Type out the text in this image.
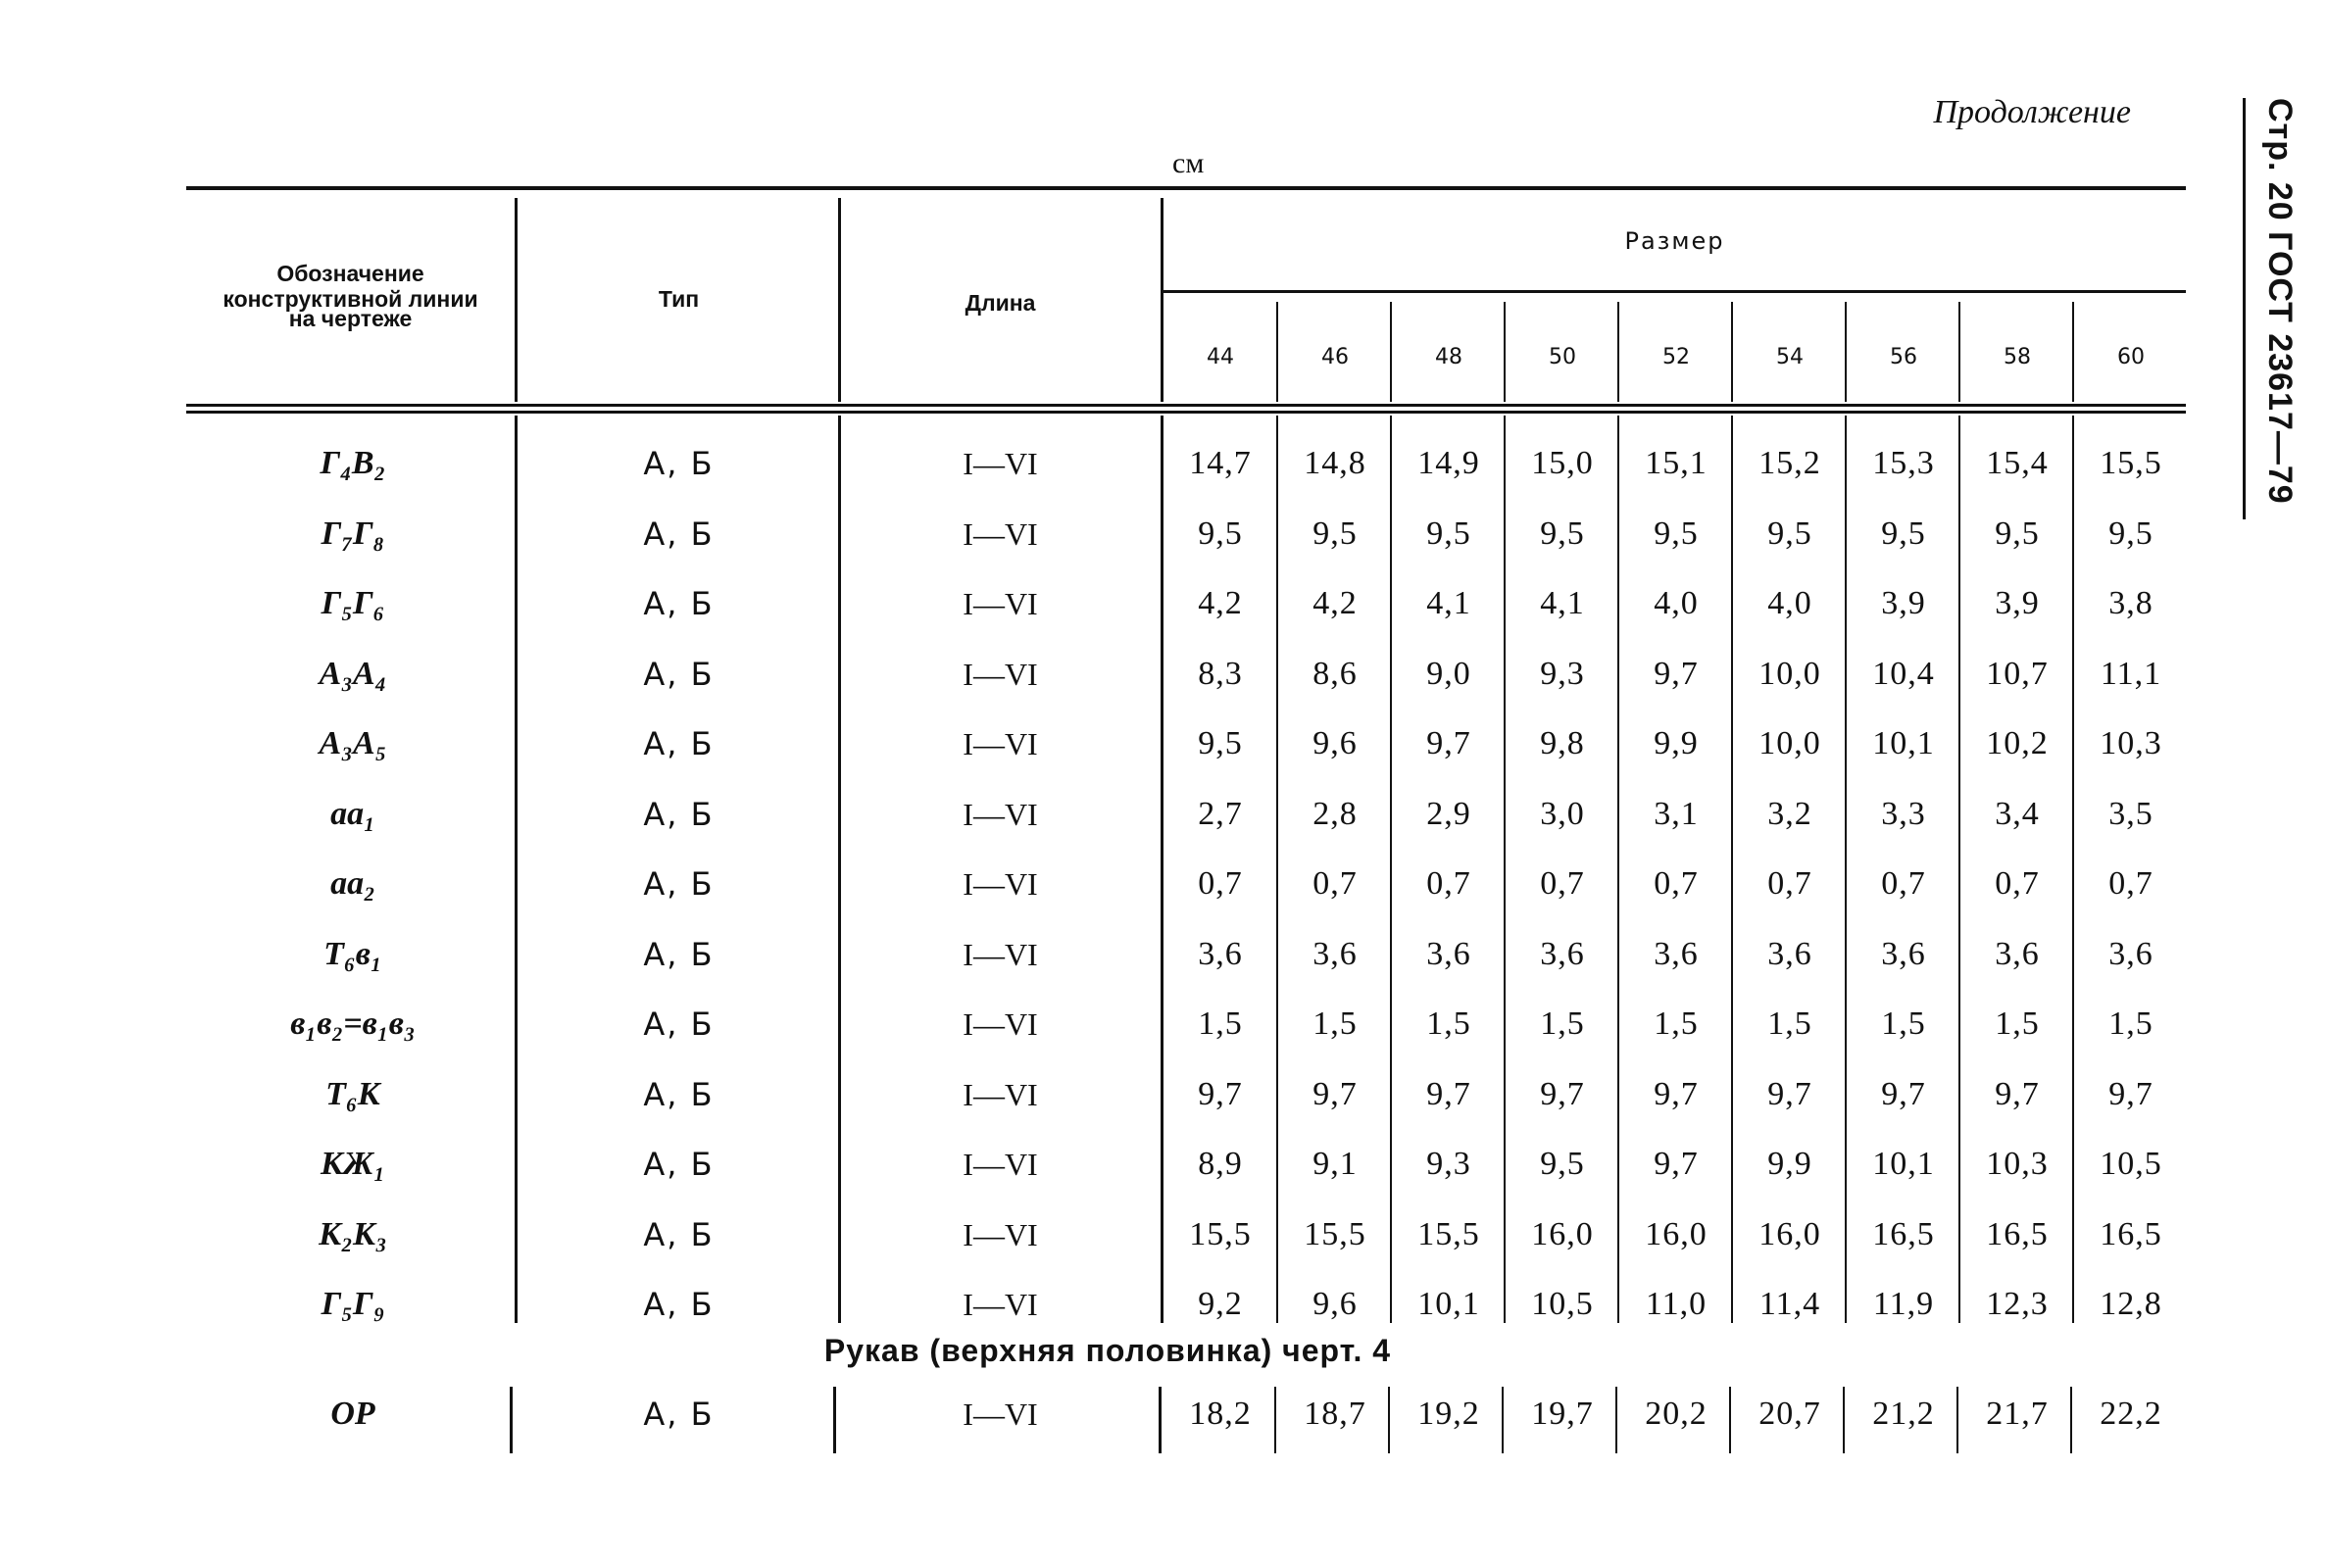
Продолжение
см	Стр. 20 ГОСТ 23617—79
Обозначение
конструктивной линии
на чертеже
Тип	Длина
Размер
44	46	48	50	52	54	56	58	60
Г₄В₂	А, Б	I—VI	14,7	14,8	14,9	15,0	15,1	15,2	15,3	15,4	15,5
Г₇Г₈	А, Б	I—VI	9,5	9,5	9,5	9,5	9,5	9,5	9,5	9,5	9,5
Г₅Г₆	А, Б	I—VI	4,2	4,2	4,1	4,1	4,0	4,0	3,9	3,9	3,8
А₃А₄	А, Б	I—VI	8,3	8,6	9,0	9,3	9,7	10,0	10,4	10,7	11,1
А₃А₅	А, Б	I—VI	9,5	9,6	9,7	9,8	9,9	10,0	10,1	10,2	10,3
аа₁	А, Б	I—VI	2,7	2,8	2,9	3,0	3,1	3,2	3,3	3,4	3,5
аа₂	А, Б	I—VI	0,7	0,7	0,7	0,7	0,7	0,7	0,7	0,7	0,7
Т₆в₁	А, Б	I—VI	3,6	3,6	3,6	3,6	3,6	3,6	3,6	3,6	3,6
в₁в₂=в₁в₃	А, Б	I—VI	1,5	1,5	1,5	1,5	1,5	1,5	1,5	1,5	1,5
Т₆К	А, Б	I—VI	9,7	9,7	9,7	9,7	9,7	9,7	9,7	9,7	9,7
КЖ₁	А, Б	I—VI	8,9	9,1	9,3	9,5	9,7	9,9	10,1	10,3	10,5
К₂К₃	А, Б	I—VI	15,5	15,5	15,5	16,0	16,0	16,0	16,5	16,5	16,5
Г₅Г₉	А, Б	I—VI	9,2	9,6	10,1	10,5	11,0	11,4	11,9	12,3	12,8
Рукав (верхняя половинка) черт. 4
ОР	А, Б	I—VI	18,2	18,7	19,2	19,7	20,2	20,7	21,2	21,7	22,2
